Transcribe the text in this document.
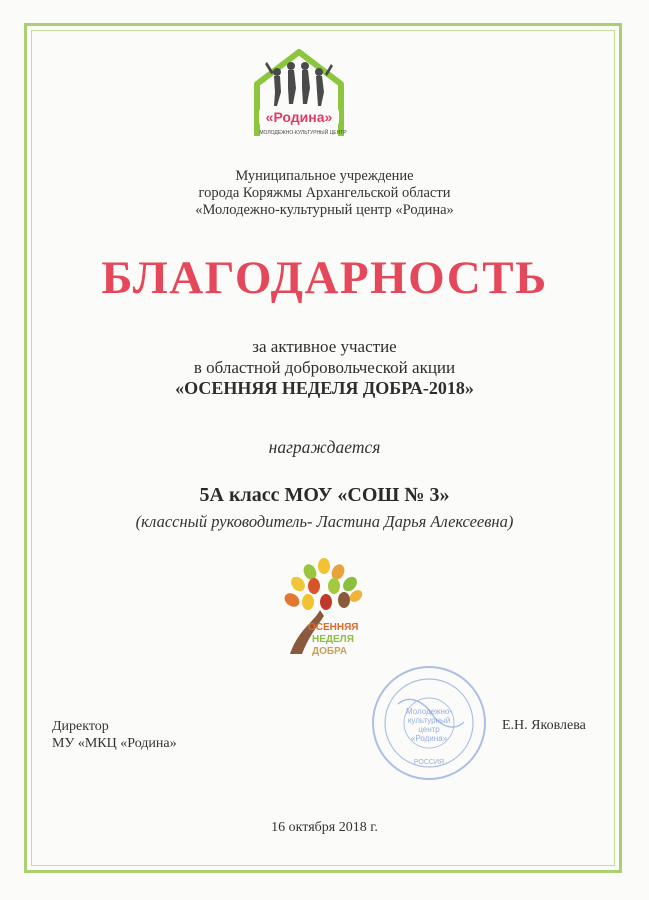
«Родина»
МОЛОДЕЖНО-КУЛЬТУРНЫЙ ЦЕНТР
Муниципальное учреждение
города Коряжмы Архангельской области
«Молодежно-культурный центр «Родина»
БЛАГОДАРНОСТЬ
за активное участие
в областной добровольческой акции
«ОСЕННЯЯ НЕДЕЛЯ ДОБРА-2018»
награждается
5А класс МОУ «СОШ № 3»
(классный руководитель- Ластина Дарья Алексеевна)
ОСЕННЯЯ
НЕДЕЛЯ
ДОБРА
Директор
МУ «МКЦ «Родина»
Молодежно-
культурный
центр
«Родина»
РОССИЯ
Е.Н. Яковлева
16 октября 2018 г.
